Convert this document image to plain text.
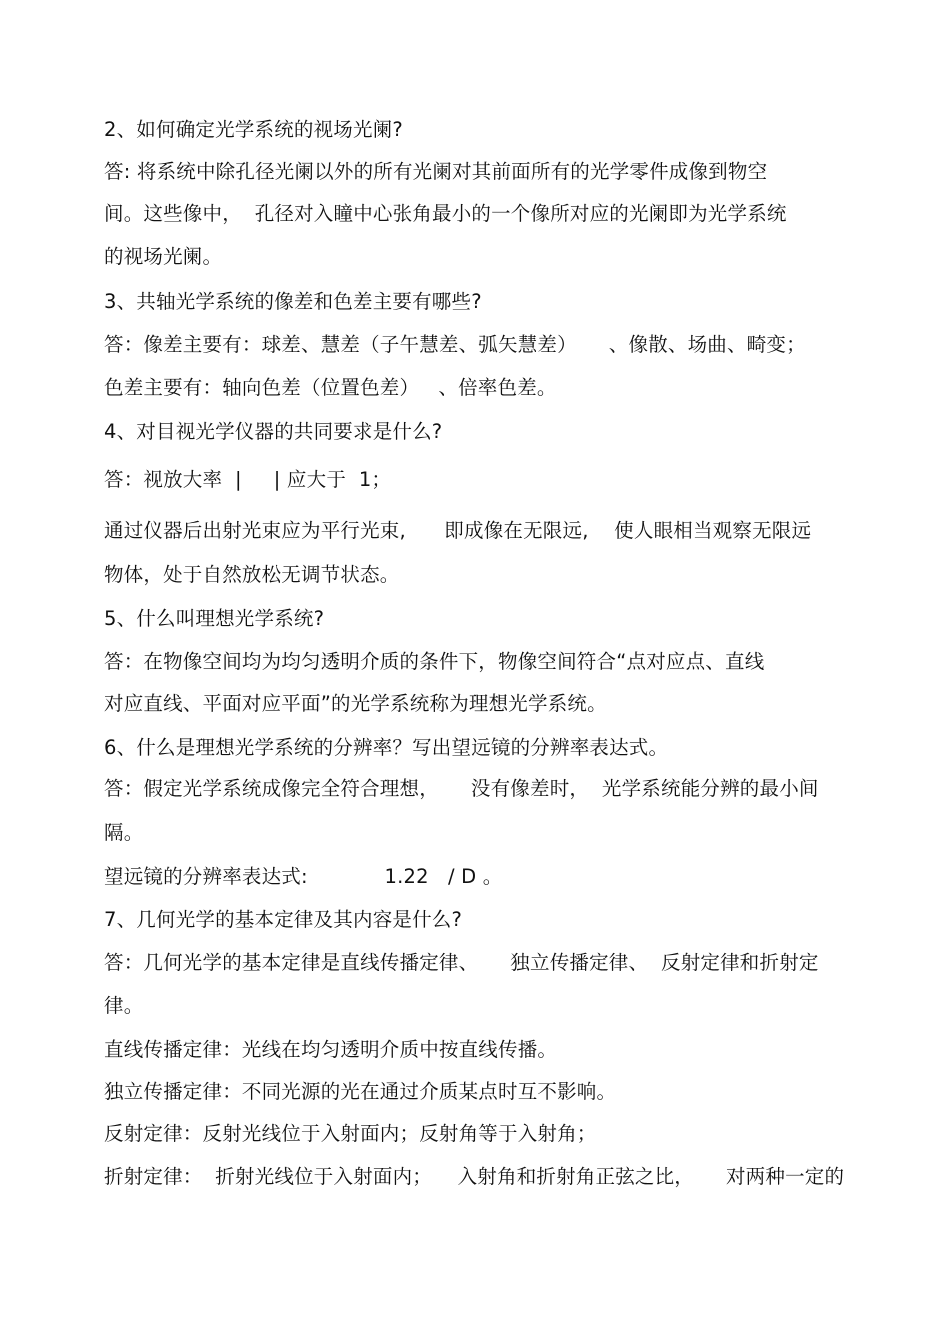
2、如何确定光学系统的视场光阑?
答: 将系统中除孔径光阑以外的所有光阑对其前面所有的光学零件成像到物空
间。这些像中，  孔径对入瞳中心张角最小的一个像所对应的光阑即为光学系统
的视场光阑。
3、共轴光学系统的像差和色差主要有哪些?
答：像差主要有：球差、慧差（子午慧差、弧矢慧差）     、像散、场曲、畸变；
色差主要有：轴向色差（位置色差）   、倍率色差。
4、对目视光学仪器的共同要求是什么?
答：视放大率  |     | 应大于  1；
通过仪器后出射光束应为平行光束,      即成像在无限远,    使人眼相当观察无限远
物体，处于自然放松无调节状态。
5、什么叫理想光学系统?
答：在物像空间均为均匀透明介质的条件下，物像空间符合“点对应点、直线
对应直线、平面对应平面”的光学系统称为理想光学系统。
6、什么是理想光学系统的分辨率？写出望远镜的分辨率表达式。
答：假定光学系统成像完全符合理想，     没有像差时，  光学系统能分辨的最小间
隔。
望远镜的分辨率表达式:            1.22   / D 。
7、几何光学的基本定律及其内容是什么?
答：几何光学的基本定律是直线传播定律、     独立传播定律、  反射定律和折射定
律。
直线传播定律：光线在均匀透明介质中按直线传播。
独立传播定律：不同光源的光在通过介质某点时互不影响。
反射定律：反射光线位于入射面内；反射角等于入射角；
折射定律：  折射光线位于入射面内；    入射角和折射角正弦之比，     对两种一定的
